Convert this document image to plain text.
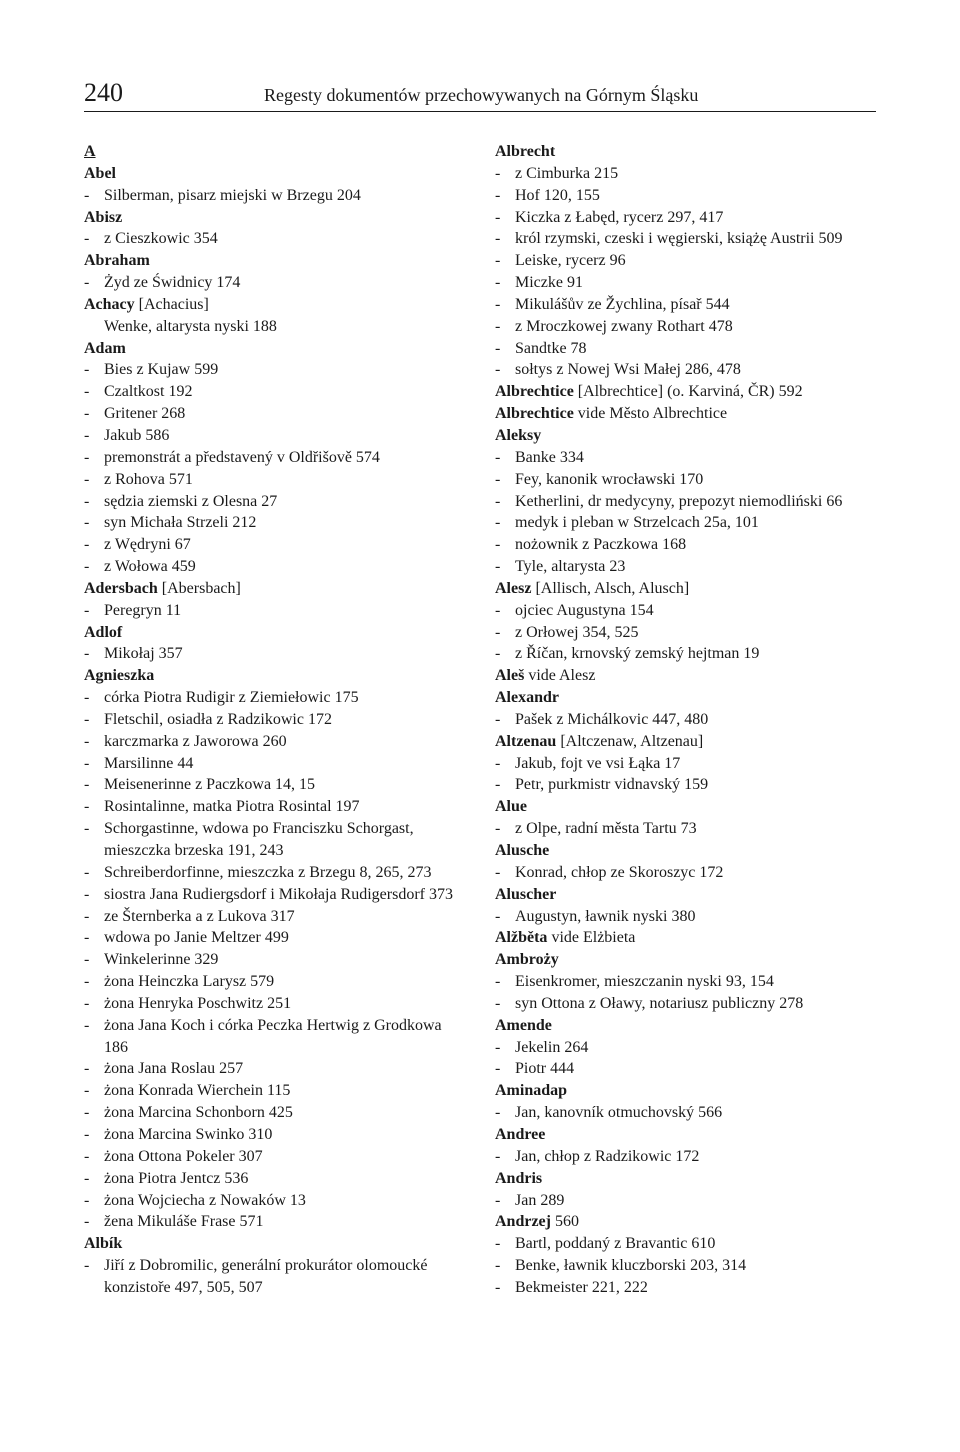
240	Regesty dokumentów przechowywanych na Górnym Śląsku
A
Abel
- Silberman, pisarz miejski w Brzegu 204
Abisz
- z Cieszkowic 354
Abraham
- Żyd ze Świdnicy 174
Achacy [Achacius]
Wenke, altarysta nyski 188
Adam
- Bies z Kujaw 599
- Czaltkost 192
- Gritener 268
- Jakub 586
- premonstrát a představený v Oldřišově 574
- z Rohova 571
- sędzia ziemski z Olesna 27
- syn Michała Strzeli 212
- z Wędryni 67
- z Wołowa 459
Adersbach [Abersbach]
- Peregryn 11
Adlof
- Mikołaj 357
Agnieszka
- córka Piotra Rudigir z Ziemiełowic 175
- Fletschil, osiadła z Radzikowic 172
- karczmarka z Jaworowa 260
- Marsilinne 44
- Meisenerinne z Paczkowa 14, 15
- Rosintalinne, matka Piotra Rosintal 197
- Schorgastinne, wdowa po Franciszku Schorgast, mieszczka brzeska 191, 243
- Schreiberdorfinne, mieszczka z Brzegu 8, 265, 273
- siostra Jana Rudiergsdorf i Mikołaja Rudigersdorf 373
- ze Šternberka a z Lukova 317
- wdowa po Janie Meltzer 499
- Winkelerinne 329
- żona Heinczka Larysz 579
- żona Henryka Poschwitz 251
- żona Jana Koch i córka Peczka Hertwig z Grodkowa 186
- żona Jana Roslau 257
- żona Konrada Wierchein 115
- żona Marcina Schonborn 425
- żona Marcina Swinko 310
- żona Ottona Pokeler 307
- żona Piotra Jentcz 536
- żona Wojciecha z Nowaków 13
- žena Mikuláše Frase 571
Albík
- Jiří z Dobromilic, generální prokurátor olomoucké konzistoře 497, 505, 507
Albrecht
- z Cimburka 215
- Hof 120, 155
- Kiczka z Łabęd, rycerz 297, 417
- król rzymski, czeski i węgierski, książę Austrii 509
- Leiske, rycerz 96
- Miczke 91
- Mikulášův ze Žychlina, písař 544
- z Mroczkowej zwany Rothart 478
- Sandtke 78
- sołtys z Nowej Wsi Małej 286, 478
Albrechtice [Albrechtice] (o. Karviná, ČR) 592
Albrechtice vide Město Albrechtice
Aleksy
- Banke 334
- Fey, kanonik wrocławski 170
- Ketherlini, dr medycyny, prepozyt niemodliński 66
- medyk i pleban w Strzelcach 25a, 101
- nożownik z Paczkowa 168
- Tyle, altarysta 23
Alesz [Allisch, Alsch, Alusch]
- ojciec Augustyna 154
- z Orłowej 354, 525
- z Říčan, krnovský zemský hejtman 19
Aleš vide Alesz
Alexandr
- Pašek z Michálkovic 447, 480
Altzenau [Altczenaw, Altzenau]
- Jakub, fojt ve vsi Łąka 17
- Petr, purkmistr vidnavský 159
Alue
- z Olpe, radní města Tartu 73
Alusche
- Konrad, chłop ze Skoroszyc 172
Aluscher
- Augustyn, ławnik nyski 380
Alžběta vide Elżbieta
Ambroży
- Eisenkromer, mieszczanin nyski 93, 154
- syn Ottona z Oławy, notariusz publiczny 278
Amende
- Jekelin 264
- Piotr 444
Aminadap
- Jan, kanovník otmuchovský 566
Andree
- Jan, chłop z Radzikowic 172
Andris
- Jan 289
Andrzej 560
- Bartl, poddaný z Bravantic 610
- Benke, ławnik kluczborski 203, 314
- Bekmeister 221, 222
